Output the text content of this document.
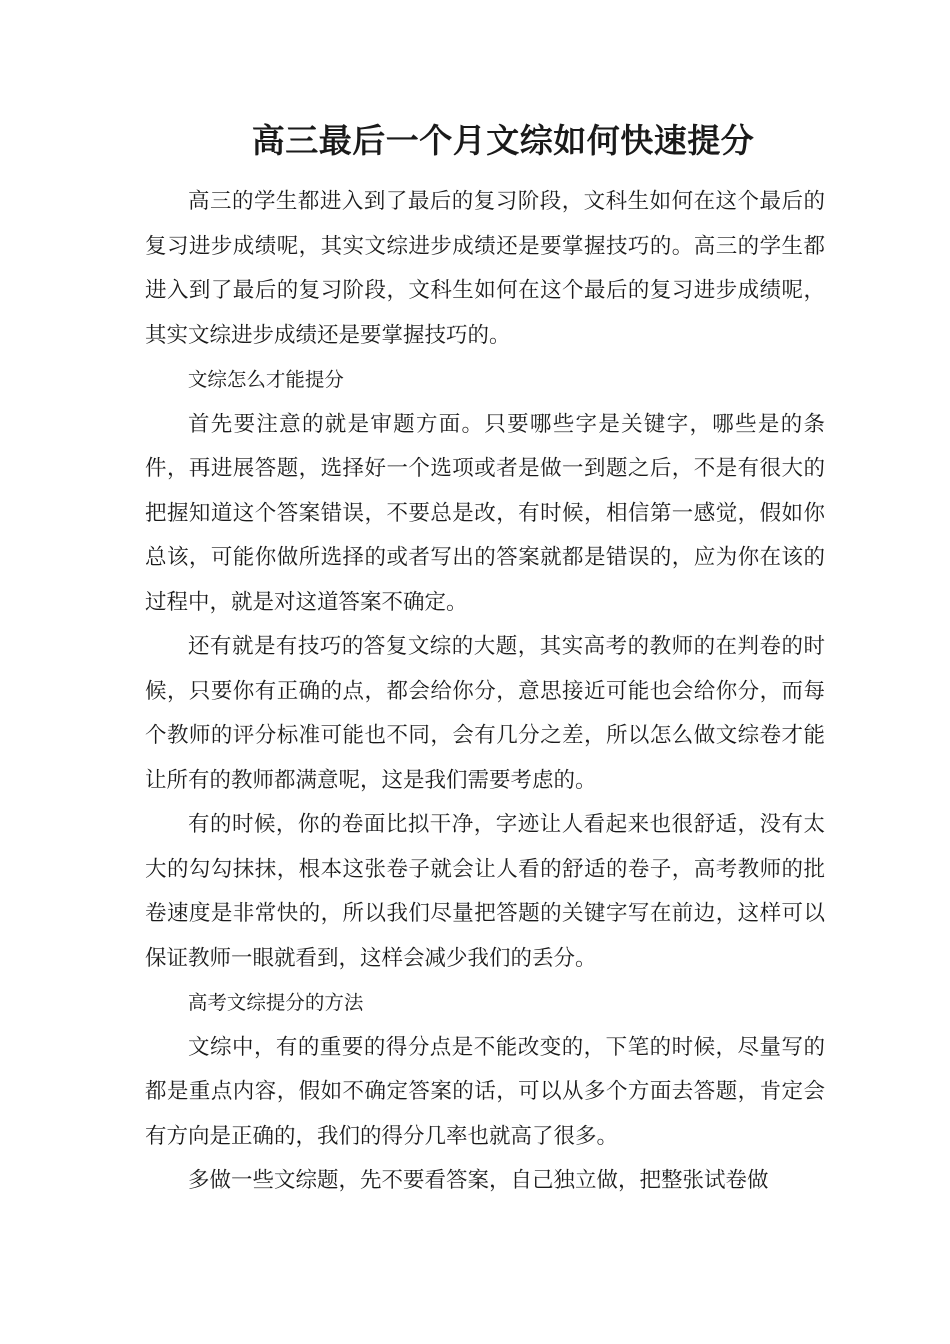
高三最后一个月文综如何快速提分

高三的学生都进入到了最后的复习阶段，文科生如何在这个最后的复习进步成绩呢，其实文综进步成绩还是要掌握技巧的。高三的学生都进入到了最后的复习阶段，文科生如何在这个最后的复习进步成绩呢，其实文综进步成绩还是要掌握技巧的。

文综怎么才能提分

首先要注意的就是审题方面。只要哪些字是关键字，哪些是的条件，再进展答题，选择好一个选项或者是做一到题之后，不是有很大的把握知道这个答案错误，不要总是改，有时候，相信第一感觉，假如你总该，可能你做所选择的或者写出的答案就都是错误的，应为你在该的过程中，就是对这道答案不确定。

还有就是有技巧的答复文综的大题，其实高考的教师的在判卷的时候，只要你有正确的点，都会给你分，意思接近可能也会给你分，而每个教师的评分标准可能也不同，会有几分之差，所以怎么做文综卷才能让所有的教师都满意呢，这是我们需要考虑的。

有的时候，你的卷面比拟干净，字迹让人看起来也很舒适，没有太大的勾勾抹抹，根本这张卷子就会让人看的舒适的卷子，高考教师的批卷速度是非常快的，所以我们尽量把答题的关键字写在前边，这样可以保证教师一眼就看到，这样会减少我们的丢分。

高考文综提分的方法

文综中，有的重要的得分点是不能改变的，下笔的时候，尽量写的都是重点内容，假如不确定答案的话，可以从多个方面去答题，肯定会有方向是正确的，我们的得分几率也就高了很多。

多做一些文综题，先不要看答案，自己独立做，把整张试卷做
